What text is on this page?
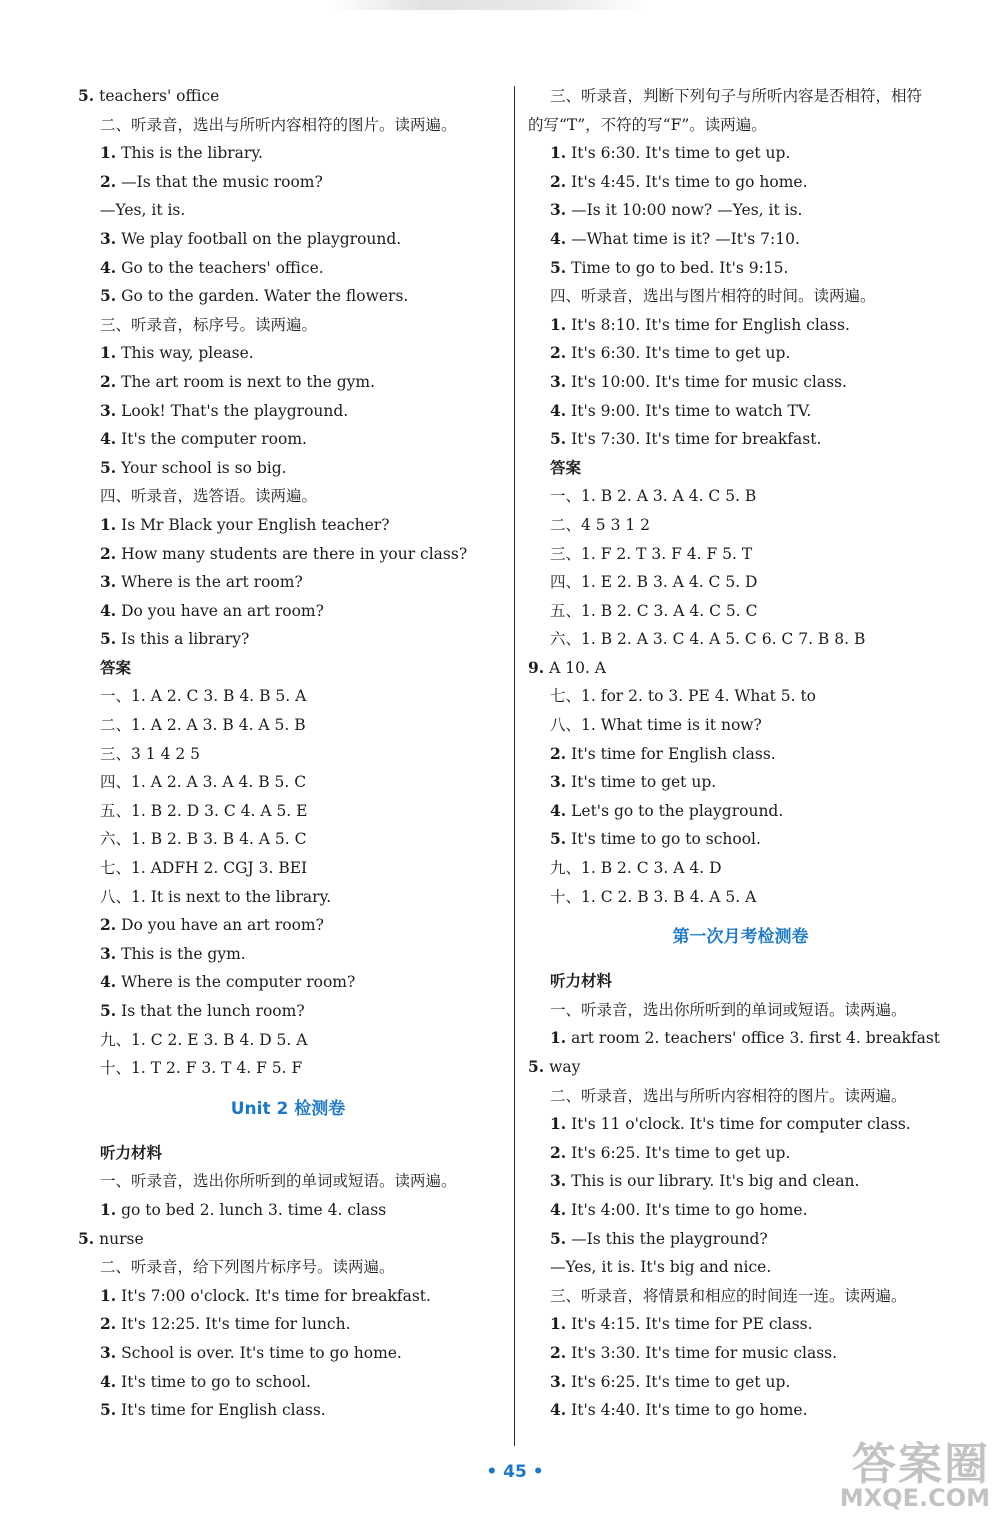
5. teachers' office
二、听录音，选出与所听内容相符的图片。读两遍。
1. This is the library.
2. —Is that the music room?
—Yes, it is.
3. We play football on the playground.
4. Go to the teachers' office.
5. Go to the garden. Water the flowers.
三、听录音，标序号。读两遍。
1. This way, please.
2. The art room is next to the gym.
3. Look! That's the playground.
4. It's the computer room.
5. Your school is so big.
四、听录音，选答语。读两遍。
1. Is Mr Black your English teacher?
2. How many students are there in your class?
3. Where is the art room?
4. Do you have an art room?
5. Is this a library?
答案
一、1. A 2. C 3. B 4. B 5. A
二、1. A 2. A 3. B 4. A 5. B
三、3 1 4 2 5
四、1. A 2. A 3. A 4. B 5. C
五、1. B 2. D 3. C 4. A 5. E
六、1. B 2. B 3. B 4. A 5. C
七、1. ADFH 2. CGJ 3. BEI
八、1. It is next to the library.
2. Do you have an art room?
3. This is the gym.
4. Where is the computer room?
5. Is that the lunch room?
九、1. C 2. E 3. B 4. D 5. A
十、1. T 2. F 3. T 4. F 5. F
Unit 2 检测卷
听力材料
一、听录音，选出你所听到的单词或短语。读两遍。
1. go to bed 2. lunch 3. time 4. class
5. nurse
二、听录音，给下列图片标序号。读两遍。
1. It's 7:00 o'clock. It's time for breakfast.
2. It's 12:25. It's time for lunch.
3. School is over. It's time to go home.
4. It's time to go to school.
5. It's time for English class.
三、听录音，判断下列句子与所听内容是否相符，相符
的写“T”，不符的写“F”。读两遍。
1. It's 6:30. It's time to get up.
2. It's 4:45. It's time to go home.
3. —Is it 10:00 now? —Yes, it is.
4. —What time is it? —It's 7:10.
5. Time to go to bed. It's 9:15.
四、听录音，选出与图片相符的时间。读两遍。
1. It's 8:10. It's time for English class.
2. It's 6:30. It's time to get up.
3. It's 10:00. It's time for music class.
4. It's 9:00. It's time to watch TV.
5. It's 7:30. It's time for breakfast.
答案
一、1. B 2. A 3. A 4. C 5. B
二、4 5 3 1 2
三、1. F 2. T 3. F 4. F 5. T
四、1. E 2. B 3. A 4. C 5. D
五、1. B 2. C 3. A 4. C 5. C
六、1. B 2. A 3. C 4. A 5. C 6. C 7. B 8. B
9. A 10. A
七、1. for 2. to 3. PE 4. What 5. to
八、1. What time is it now?
2. It's time for English class.
3. It's time to get up.
4. Let's go to the playground.
5. It's time to go to school.
九、1. B 2. C 3. A 4. D
十、1. C 2. B 3. B 4. A 5. A
第一次月考检测卷
听力材料
一、听录音，选出你所听到的单词或短语。读两遍。
1. art room 2. teachers' office 3. first 4. breakfast
5. way
二、听录音，选出与所听内容相符的图片。读两遍。
1. It's 11 o'clock. It's time for computer class.
2. It's 6:25. It's time to get up.
3. This is our library. It's big and clean.
4. It's 4:00. It's time to go home.
5. —Is this the playground?
—Yes, it is. It's big and nice.
三、听录音，将情景和相应的时间连一连。读两遍。
1. It's 4:15. It's time for PE class.
2. It's 3:30. It's time for music class.
3. It's 6:25. It's time to get up.
4. It's 4:40. It's time to go home.
• 45 •	答案圈
MXQE.COM
